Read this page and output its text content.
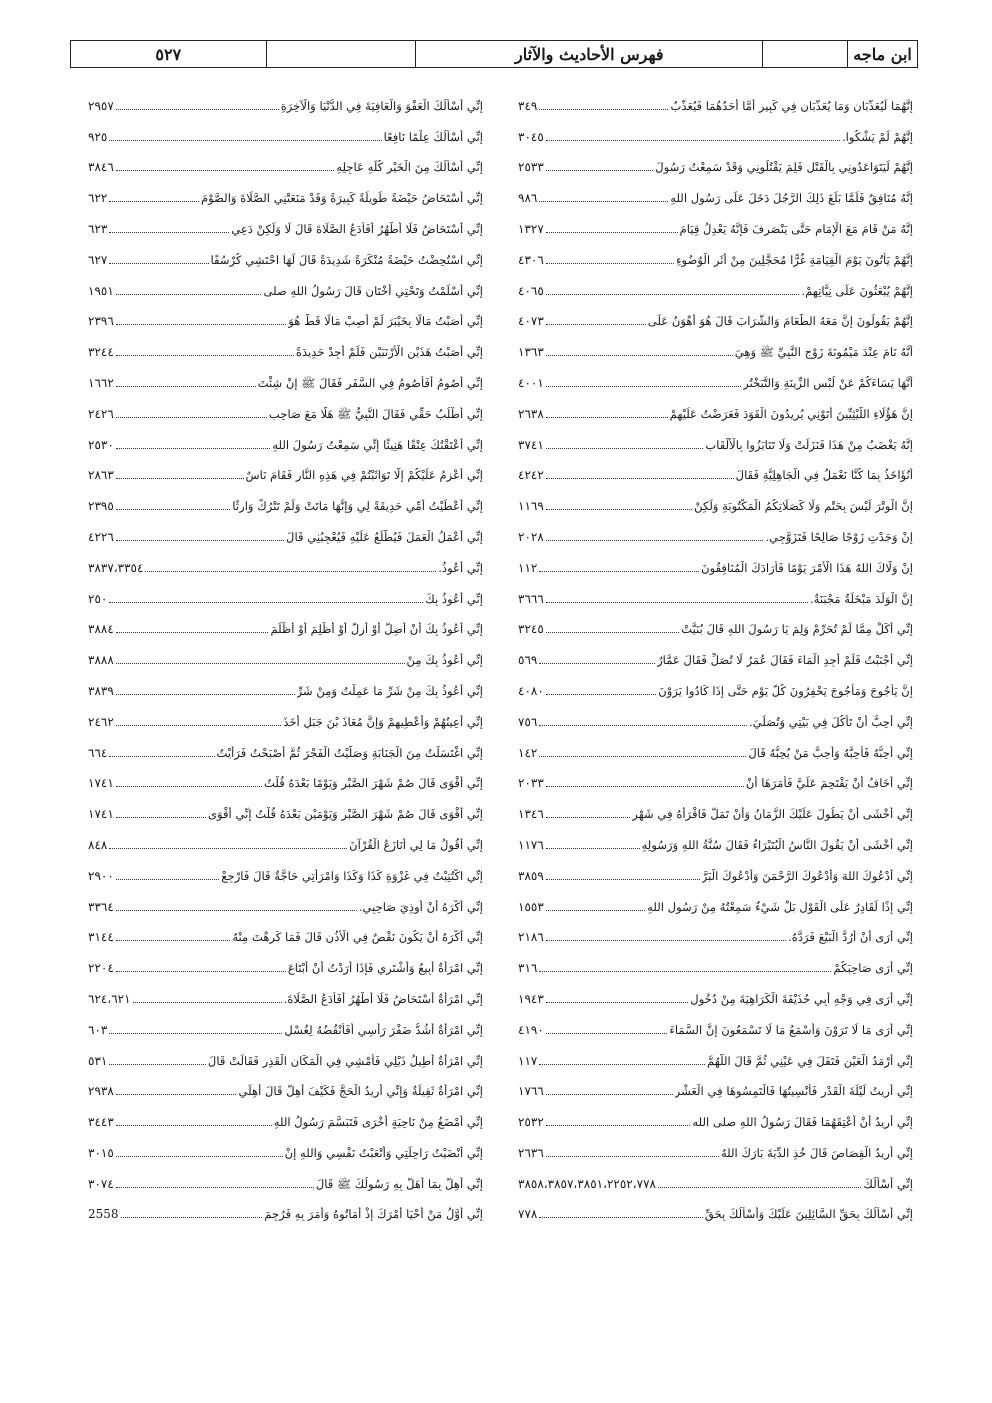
ابن ماجه
فهرس الأحاديث والآثار
٥٢٧
إِنَّهُمَا لَيُعَذَّبَانِ وَمَا يُعَذَّبَانِ فِي كَبِيرٍ أَمَّا أَحَدُهُمَا فَيُعَذَّبُ
٣٤٩
إِنَّهُمْ لَمْ يَشْكُوا.
٣٠٤٥
إِنَّهُمْ لَيَتَوَاعَدُونِي بِالْقَتْلِ فَلِمَ يَقْتُلُونِي وَقَدْ سَمِعْتُ رَسُولَ
٢٥٣٣
إِنَّهُ مُنَافِقٌ فَلَمَّا بَلَغَ ذَلِكَ الرَّجُلَ دَخَلَ عَلَى رَسُولِ اللهِ
٩٨٦
إِنَّهُ مَنْ قَامَ مَعَ الْإِمَامِ حَتَّى يَنْصَرِفَ فَإِنَّهُ يَعْدِلُ قِيَامَ
١٣٢٧
إِنَّهُمْ يَأْتُونَ يَوْمَ الْقِيَامَةِ غُرًّا مُحَجَّلِينَ مِنْ أَثَرِ الْوُضُوءِ
٤٣٠٦
إِنَّهُمْ يُبْعَثُونَ عَلَى نِيَّاتِهِمْ.
٤٠٦٥
إِنَّهُمْ يَقُولُونَ إِنَّ مَعَهُ الطَّعَامَ وَالشَّرَابَ قَالَ هُوَ أَهْوَنُ عَلَى
٤٠٧٣
أَنَّهُ نَامَ عِنْدَ مَيْمُونَةَ زَوْجِ النَّبِيِّ ﷺ وَهِيَ
١٣٦٣
أَنَّهَا يَسَاءَكُمْ عَنْ لُبْسِ الزِّينَةِ وَالتَّبَخْتُرِ
٤٠٠١
إِنَّ هَؤُلَاءِ اللَّيْثِيِّينَ أَتَوْنِي يُرِيدُونَ الْقَوَدَ فَعَرَضْتُ عَلَيْهِمْ
٢٦٣٨
إِنَّهُ يَغْضَبُ مِنْ هَذَا فَنَزَلَتْ وَلَا تَنَابَزُوا بِالْأَلْقَابِ
٣٧٤١
أَنُؤَاخَذُ بِمَا كُنَّا نَعْمَلُ فِي الْجَاهِلِيَّةِ فَقَالَ
٤٢٤٢
إِنَّ الْوِتْرَ لَيْسَ بِحَتْمٍ وَلَا كَصَلَاتِكُمُ الْمَكْتُوبَةِ وَلَكِنْ
١١٦٩
إِنْ وَجَدْتِ زَوْجًا صَالِحًا فَتَزَوَّجِي.
٢٠٢٨
إِنْ وَلَّاكَ اللهُ هَذَا الْأَمْرَ يَوْمًا فَأَرَادَكَ الْمُنَافِقُونَ
١١٢
إِنَّ الْوَلَدَ مَبْخَلَةٌ مَجْبَنَةٌ.
٣٦٦٦
إِنِّي أَكَلْ مِمَّا لَمْ تُحَرِّمْ وَلِمَ يَا رَسُولَ اللهِ قَالَ بُنَيَّتْ
٣٢٤٥
إِنِّي أَجْنَبْتُ فَلَمْ أَجِدِ الْمَاءَ فَقَالَ عُمَرُ لَا تُصَلِّ فَقَالَ عَمَّارٌ
٥٦٩
إِنَّ يَأْجُوجَ وَمَأْجُوجَ يَحْفِرُونَ كُلَّ يَوْمٍ حَتَّى إِذَا كَادُوا يَرَوْنَ
٤٠٨٠
إِنِّي أُحِبُّ أَنْ تَأْكُلَ فِي بَيْتِي وَتُصَلِّيَ.
٧٥٦
إِنِّي أُحِبُّهُ فَأَحِبَّهُ وَأَحِبَّ مَنْ يُحِبُّهُ قَالَ
١٤٢
إِنِّي أَخَافُ أَنْ يَقْتَحِمَ عَلَيَّ فَأَمَرَهَا أَنْ
٢٠٣٣
إِنِّي أَخْشَى أَنْ يَطُولَ عَلَيْكَ الزَّمَانُ وَأَنْ تَمَلَّ فَاقْرَأْهُ فِي شَهْرٍ
١٣٤٦
إِنِّي أَخْشَى أَنْ يَقُولَ النَّاسُ الْبُتَيْرَاءُ فَقَالَ سُنَّةُ اللهِ وَرَسُولِهِ
١١٧٦
إِنِّي أَدْعُوكَ اللهَ وَأَدْعُوكَ الرَّحْمَنَ وَأَدْعُوكَ الْبَرَّ
٣٨٥٩
إِنِّي إِذًا لَقَادِرٌ عَلَى الْقَوْلِ بَلْ شَيْءٌ سَمِعْتُهُ مِنْ رَسُولِ اللهِ
١٥٥٣
إِنِّي أَرَى أَنْ أَرُدَّ الْبَيْعَ فَرَدَّهُ.
٢١٨٦
إِنِّي أَرَى صَاحِبَكُمْ
٣١٦
إِنِّي أَرَى فِي وَجْهِ أَبِي حُذَيْفَةَ الْكَرَاهِيَةَ مِنْ دُخُولِ
١٩٤٣
إِنِّي أَرَى مَا لَا تَرَوْنَ وَأَسْمَعُ مَا لَا تَسْمَعُونَ إِنَّ السَّمَاءَ
٤١٩٠
إِنِّي أَرْمَدُ الْعَيْنِ فَتَفَلَ فِي عَيْنِي ثُمَّ قَالَ اللَّهُمَّ
١١٧
إِنِّي أُرِيتُ لَيْلَةَ الْقَدْرِ فَأُنْسِيتُهَا فَالْتَمِسُوهَا فِي الْعَشْرِ
١٧٦٦
إِنِّي أُرِيدُ أَنْ أُعْتِقَهُمَا فَقَالَ رَسُولُ اللهِ صلى الله
٢٥٣٢
إِنِّي أُرِيدُ الْقِصَاصَ قَالَ خُذِ الدِّيَةَ بَارَكَ اللهُ
٢٦٣٦
إِنِّي أَسْأَلُكَ
٣٨٥٨،٣٨٥٧،٣٨٥١،٢٢٥٢،٧٧٨
إِنِّي أَسْأَلُكَ بِحَقِّ السَّائِلِينَ عَلَيْكَ وَأَسْأَلُكَ بِحَقِّ
٧٧٨
إِنِّي أَسْأَلُكَ الْعَفْوَ وَالْعَافِيَةَ فِي الدُّنْيَا وَالْآخِرَةِ
٢٩٥٧
إِنِّي أَسْأَلُكَ عِلْمًا نَافِعًا
٩٢٥
إِنِّي أَسْأَلُكَ مِنَ الْخَيْرِ كُلِّهِ عَاجِلِهِ
٣٨٤٦
إِنِّي أُسْتَحَاضُ حَيْضَةً طَوِيلَةً كَبِيرَةً وَقَدْ مَنَعَتْنِي الصَّلَاةَ وَالصَّوْمَ
٦٢٢
إِنِّي أُسْتَحَاضُ فَلَا أَطْهُرُ أَفَأَدَعُ الصَّلَاةَ قَالَ لَا وَلَكِنْ دَعِي
٦٢٣
إِنِّي اسْتُحِضْتُ حَيْضَةً مُنْكَرَةً شَدِيدَةً قَالَ لَهَا احْتَشِي كُرْسُفًا
٦٢٧
إِنِّي أَسْلَمْتُ وَتَحْتِي أُخْتَانِ قَالَ رَسُولُ اللهِ صلى
١٩٥١
إِنِّي أَصَبْتُ مَالًا بِخَيْبَرَ لَمْ أُصِبْ مَالًا قَطُّ هُوَ
٢٣٩٦
إِنِّي أَصَبْتُ هَذَيْنِ الْأَرْنَبَيْنِ فَلَمْ أَجِدْ حَدِيدَةً
٣٢٤٤
إِنِّي أَصُومُ أَفَأَصُومُ فِي السَّفَرِ فَقَالَ ﷺ إِنْ شِئْتَ
١٦٦٢
إِنِّي أَطْلُبُ حَقِّي فَقَالَ النَّبِيُّ ﷺ هَلَّا مَعَ صَاحِبِ
٢٤٢٦
إِنِّي أَعْتَقْتُكَ عِتْقًا هَنِيئًا إِنِّي سَمِعْتُ رَسُولَ اللهِ
٢٥٣٠
إِنِّي أَعْزِمُ عَلَيْكُمْ إِلَّا تَوَاثَبْتُمْ فِي هَذِهِ النَّارِ فَقَامَ نَاسٌ
٢٨٦٣
إِنِّي أَعْطَيْتُ أُمِّي حَدِيقَةً لِي وَإِنَّهَا مَاتَتْ وَلَمْ تَتْرُكْ وَارِثًا
٢٣٩٥
إِنِّي أَعْمَلُ الْعَمَلَ فَيُطَّلَعُ عَلَيْهِ فَيُعْجِبُنِي قَالَ
٤٢٢٦
إِنِّي أَعُوذُ.
٣٨٣٧،٣٣٥٤
إِنِّي أَعُوذُ بِكَ
٢٥٠
إِنِّي أَعُوذُ بِكَ أَنْ أَضِلَّ أَوْ أَزِلَّ أَوْ أَظْلِمَ أَوْ أُظْلَمَ
٣٨٨٤
إِنِّي أَعُوذُ بِكَ مِنْ
٣٨٨٨
إِنِّي أَعُوذُ بِكَ مِنْ شَرِّ مَا عَمِلْتُ وَمِنْ شَرِّ
٣٨٣٩
إِنِّي أُعِينُهُمْ وَأُعْطِيهِمْ وَإِنَّ مُعَاذَ بْنَ جَبَلٍ أَخَذَ
٢٤٦٢
إِنِّي اغْتَسَلْتُ مِنَ الْجَنَابَةِ وَصَلَّيْتُ الْفَجْرَ ثُمَّ أَصْبَحْتُ فَرَأَيْتُ
٦٦٤
إِنِّي أَقْوَى قَالَ صُمْ شَهْرَ الصَّبْرِ وَيَوْمًا بَعْدَهُ قُلْتُ
١٧٤١
إِنِّي أَقْوَى قَالَ صُمْ شَهْرَ الصَّبْرِ وَيَوْمَيْنِ بَعْدَهُ قُلْتُ إِنِّي أَقْوَى
١٧٤١
إِنِّي أَقُولُ مَا لِي أُنَازَعُ الْقُرْآنَ
٨٤٨
إِنِّي اكْتُتِبْتُ فِي غَزْوَةِ كَذَا وَكَذَا وَامْرَأَتِي حَاجَّةٌ قَالَ فَارْجِعْ
٢٩٠٠
إِنِّي أَكْرَهُ أَنْ أُوذِيَ صَاحِبِي.
٣٣٦٤
إِنِّي أَكْرَهُ أَنْ يَكُونَ نَقْصٌ فِي الْأُذُنِ قَالَ فَمَا كَرِهْتَ مِنْهُ
٣١٤٤
إِنِّي امْرَأَةٌ أَبِيعُ وَأَشْتَرِي فَإِذَا أَرَدْتُ أَنْ أَبْتَاعَ
٢٢٠٤
إِنِّي امْرَأَةٌ أُسْتَحَاضُ فَلَا أَطْهُرُ أَفَأَدَعُ الصَّلَاةَ.
٦٢٤،٦٢١
إِنِّي امْرَأَةٌ أَشُدُّ ضَفْرَ رَأْسِي أَفَأَنْقُضُهُ لِغُسْلٍ
٦٠٣
إِنِّي امْرَأَةٌ أُطِيلُ ذَيْلِي فَأَمْشِي فِي الْمَكَانِ الْقَذِرِ فَقَالَتْ قَالَ
٥٣١
إِنِّي امْرَأَةٌ ثَقِيلَةٌ وَإِنِّي أُرِيدُ الْحَجَّ فَكَيْفَ أُهِلُّ قَالَ أَهِلِّي
٢٩٣٨
إِنِّي أَمْضَغُ مِنْ نَاحِيَةٍ أُخْرَى فَتَبَسَّمَ رَسُولُ اللهِ
٣٤٤٣
إِنِّي أَنْضَيْتُ رَاحِلَتِي وَأَتْعَبْتُ نَفْسِي وَاللهِ إِنْ
٣٠١٥
إِنِّي أُهِلُّ بِمَا أَهَلَّ بِهِ رَسُولُكَ ﷺ قَالَ
٣٠٧٤
إِنِّي أَوَّلُ مَنْ أَحْيَا أَمْرَكَ إِذْ أَمَاتُوهُ وَأَمَرَ بِهِ فَرُجِمَ
2558
